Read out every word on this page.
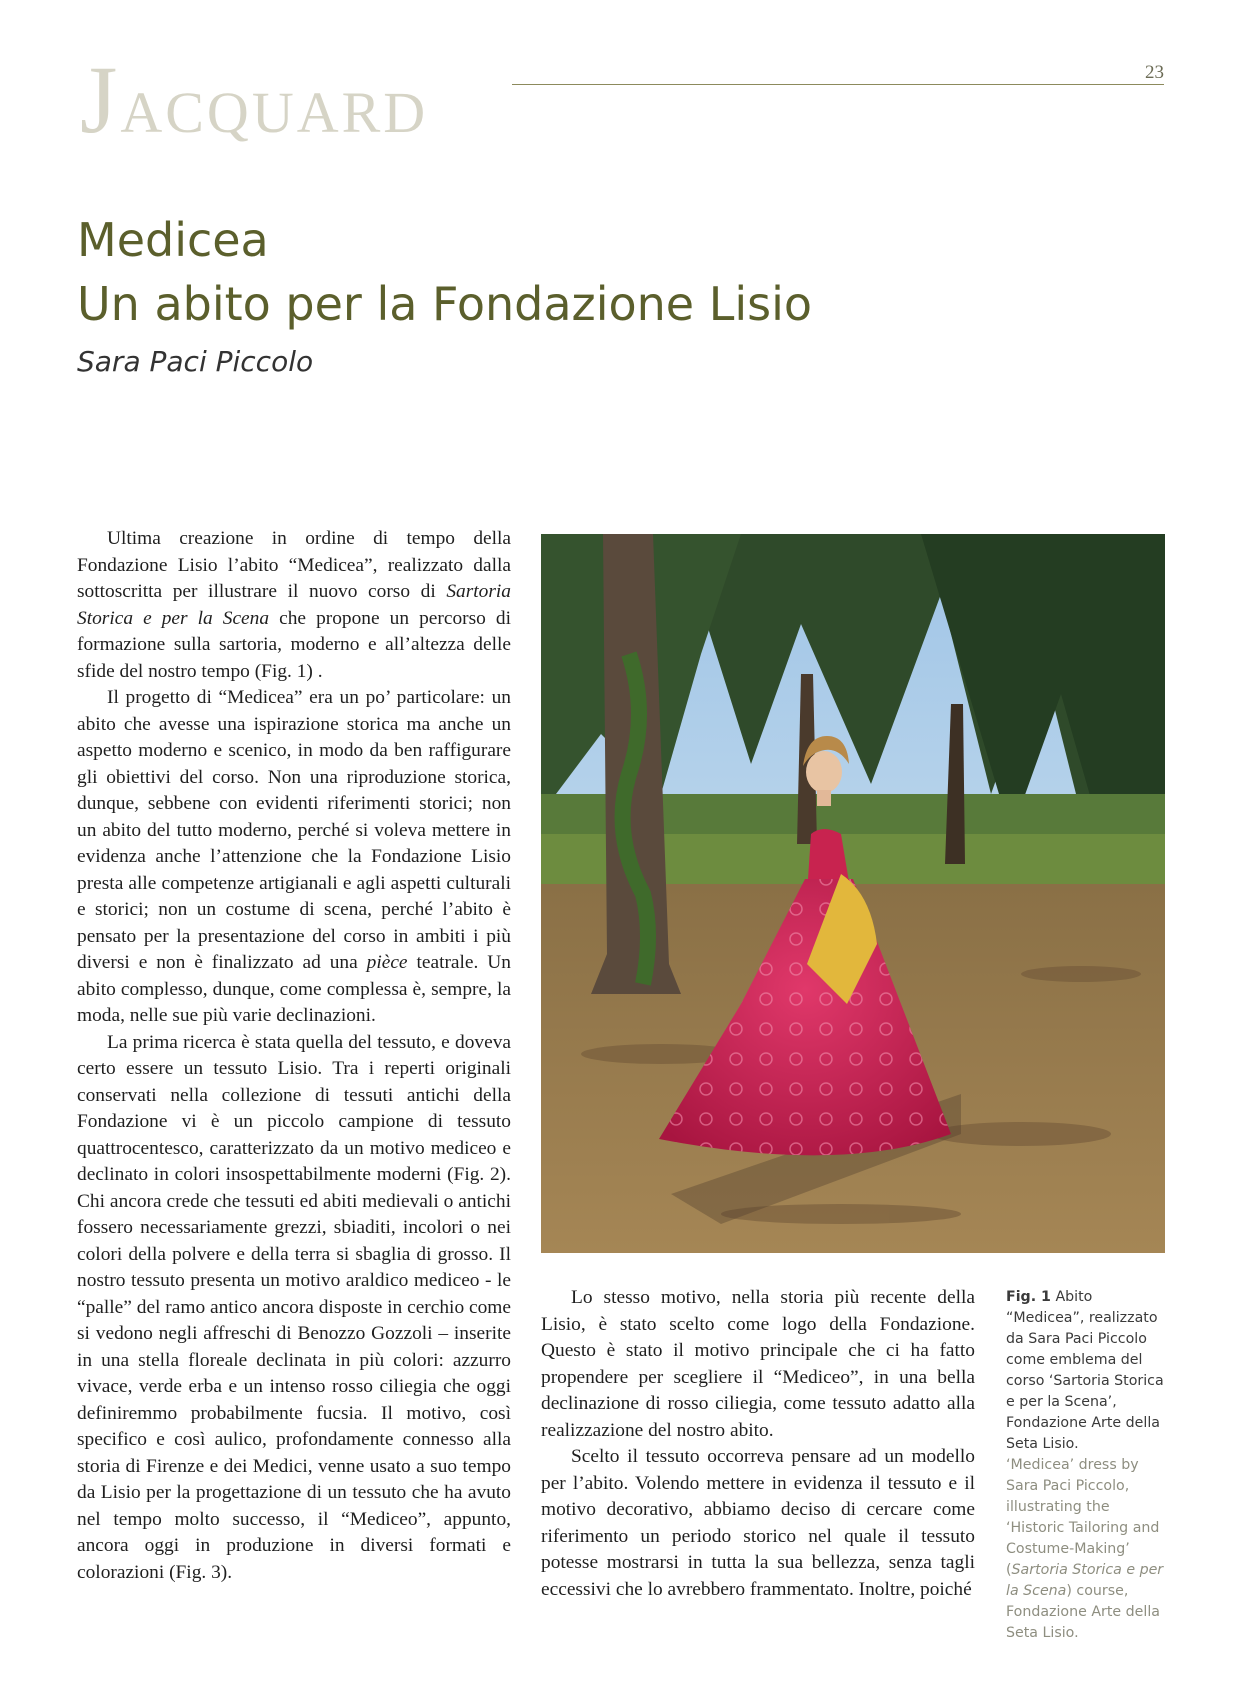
JACQUARD
23
Medicea
Un abito per la Fondazione Lisio
Sara Paci Piccolo

Ultima creazione in ordine di tempo della Fondazione Lisio l’abito “Medicea”, realizzato dalla sottoscritta per illustrare il nuovo corso di Sartoria Storica e per la Scena che propone un percorso di formazione sulla sartoria, moderno e all’altezza delle sfide del nostro tempo (Fig. 1) .

Il progetto di “Medicea” era un po’ particolare: un abito che avesse una ispirazione storica ma anche un aspetto moderno e scenico, in modo da ben raffigurare gli obiettivi del corso. Non una riproduzione storica, dunque, sebbene con evidenti riferimenti storici; non un abito del tutto moderno, perché si voleva mettere in evidenza anche l’attenzione che la Fondazione Lisio presta alle competenze artigianali e agli aspetti culturali e storici; non un costume di scena, perché l’abito è pensato per la presentazione del corso in ambiti i più diversi e non è finalizzato ad una pièce teatrale. Un abito complesso, dunque, come complessa è, sempre, la moda, nelle sue più varie declinazioni.

La prima ricerca è stata quella del tessuto, e doveva certo essere un tessuto Lisio. Tra i reperti originali conservati nella collezione di tessuti antichi della Fondazione vi è un piccolo campione di tessuto quattrocentesco, caratterizzato da un motivo mediceo e declinato in colori insospettabilmente moderni (Fig. 2). Chi ancora crede che tessuti ed abiti medievali o antichi fossero necessariamente grezzi, sbiaditi, incolori o nei colori della polvere e della terra si sbaglia di grosso. Il nostro tessuto presenta un motivo araldico mediceo - le “palle” del ramo antico ancora disposte in cerchio come si vedono negli affreschi di Benozzo Gozzoli – inserite in una stella floreale declinata in più colori: azzurro vivace, verde erba e un intenso rosso ciliegia che oggi definiremmo probabilmente fucsia. Il motivo, così specifico e così aulico, profondamente connesso alla storia di Firenze e dei Medici, venne usato a suo tempo da Lisio per la progettazione di un tessuto che ha avuto nel tempo molto successo, il “Mediceo”, appunto, ancora oggi in produzione in diversi formati e colorazioni (Fig. 3).

Lo stesso motivo, nella storia più recente della Lisio, è stato scelto come logo della Fondazione. Questo è stato il motivo principale che ci ha fatto propendere per scegliere il “Mediceo”, in una bella declinazione di rosso ciliegia, come tessuto adatto alla realizzazione del nostro abito.

Scelto il tessuto occorreva pensare ad un modello per l’abito. Volendo mettere in evidenza il tessuto e il motivo decorativo, abbiamo deciso di cercare come riferimento un periodo storico nel quale il tessuto potesse mostrarsi in tutta la sua bellezza, senza tagli eccessivi che lo avrebbero frammentato. Inoltre, poiché

Fig. 1 Abito “Medicea”, realizzato da Sara Paci Piccolo come emblema del corso ‘Sartoria Storica e per la Scena’, Fondazione Arte della Seta Lisio.
‘Medicea’ dress by Sara Paci Piccolo, illustrating the ‘Historic Tailoring and Costume-Making’ (Sartoria Storica e per la Scena) course, Fondazione Arte della Seta Lisio.
